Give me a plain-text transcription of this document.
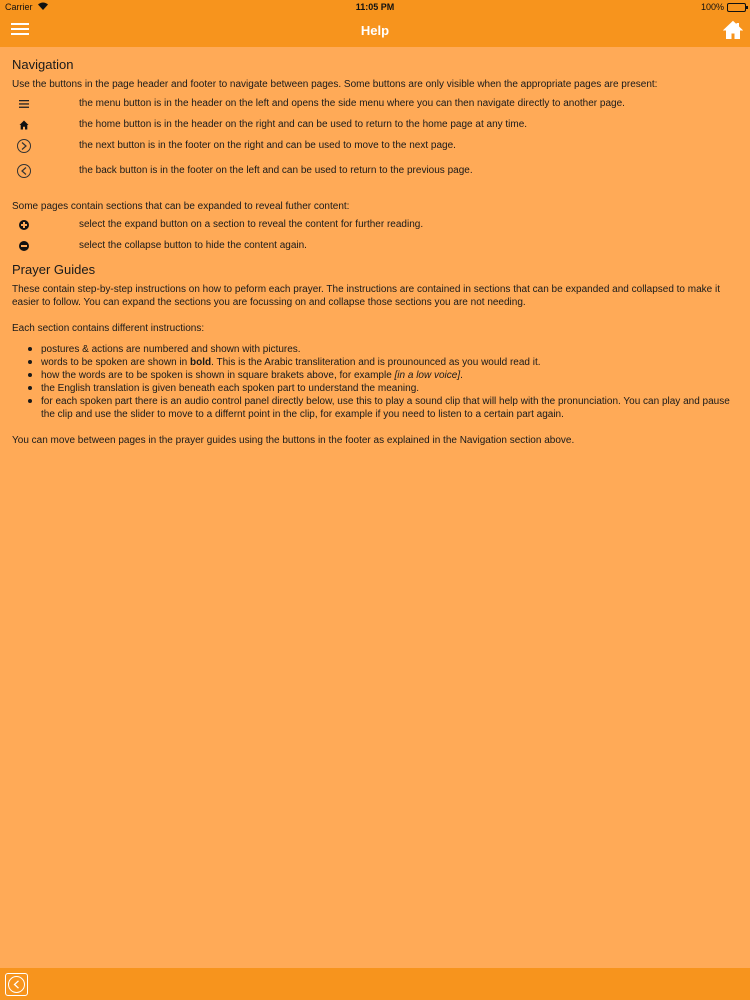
Carrier	11:05 PM	100%
Help
Navigation

Use the buttons in the page header and footer to navigate between pages. Some buttons are only visible when the appropriate pages are present:

the menu button is in the header on the left and opens the side menu where you can then navigate directly to another page.
the home button is in the header on the right and can be used to return to the home page at any time.
the next button is in the footer on the right and can be used to move to the next page.
the back button is in the footer on the left and can be used to return to the previous page.

Some pages contain sections that can be expanded to reveal futher content:

select the expand button on a section to reveal the content for further reading.
select the collapse button to hide the content again.
Prayer Guides

These contain step-by-step instructions on how to peform each prayer. The instructions are contained in sections that can be expanded and collapsed to make it easier to follow. You can expand the sections you are focussing on and collapse those sections you are not needing.

Each section contains different instructions:

postures & actions are numbered and shown with pictures.
words to be spoken are shown in bold. This is the Arabic transliteration and is prounounced as you would read it.
how the words are to be spoken is shown in square brakets above, for example [in a low voice].
the English translation is given beneath each spoken part to understand the meaning.
for each spoken part there is an audio control panel directly below, use this to play a sound clip that will help with the pronunciation. You can play and pause the clip and use the slider to move to a differnt point in the clip, for example if you need to listen to a certain part again.

You can move between pages in the prayer guides using the buttons in the footer as explained in the Navigation section above.
